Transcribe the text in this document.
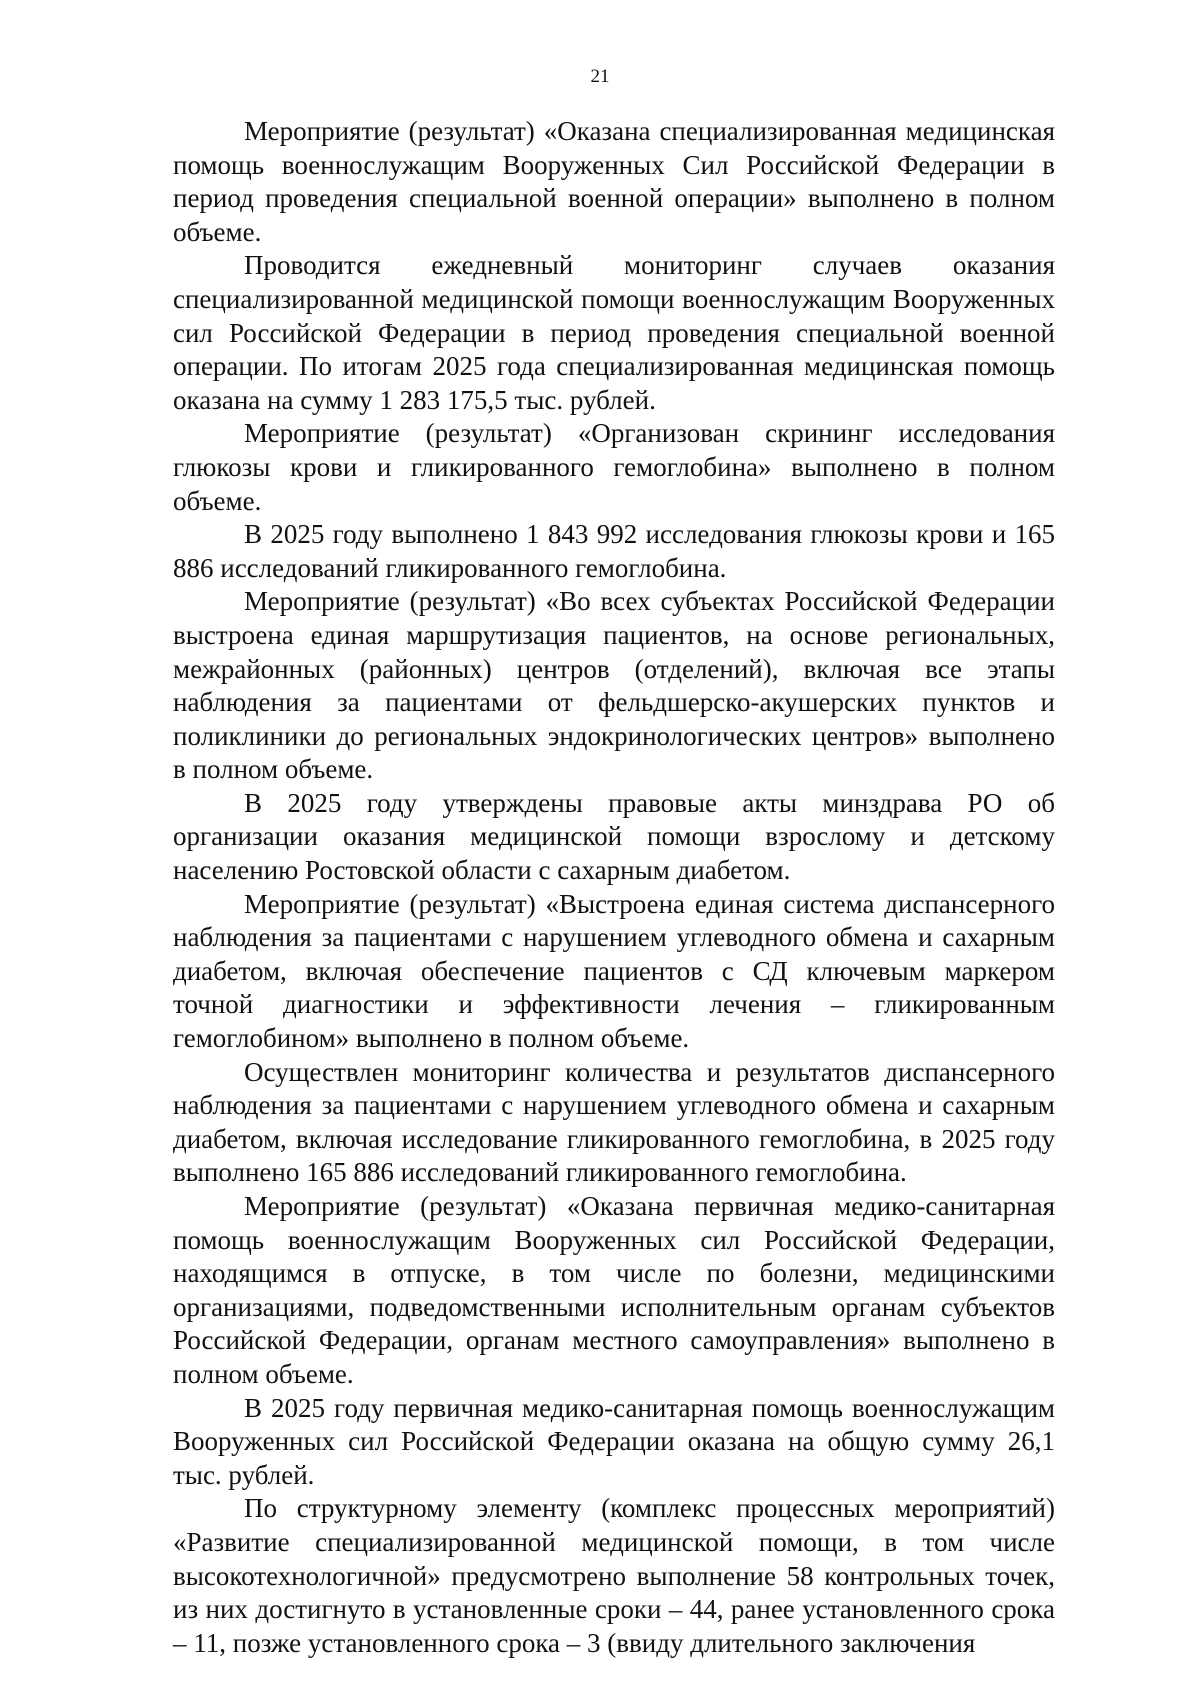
21

Мероприятие (результат) «Оказана специализированная медицинская помощь военнослужащим Вооруженных Сил Российской Федерации в период проведения специальной военной операции» выполнено в полном объеме.

Проводится ежедневный мониторинг случаев оказания специализированной медицинской помощи военнослужащим Вооруженных сил Российской Федерации в период проведения специальной военной операции. По итогам 2025 года специализированная медицинская помощь оказана на сумму 1 283 175,5 тыс. рублей.

Мероприятие (результат) «Организован скрининг исследования глюкозы крови и гликированного гемоглобина» выполнено в полном объеме.

В 2025 году выполнено 1 843 992 исследования глюкозы крови и 165 886 исследований гликированного гемоглобина.

Мероприятие (результат) «Во всех субъектах Российской Федерации выстроена единая маршрутизация пациентов, на основе региональных, межрайонных (районных) центров (отделений), включая все этапы наблюдения за пациентами от фельдшерско-акушерских пунктов и поликлиники до региональных эндокринологических центров» выполнено в полном объеме.

В 2025 году утверждены правовые акты минздрава РО об организации оказания медицинской помощи взрослому и детскому населению Ростовской области с сахарным диабетом.

Мероприятие (результат) «Выстроена единая система диспансерного наблюдения за пациентами с нарушением углеводного обмена и сахарным диабетом, включая обеспечение пациентов с СД ключевым маркером точной диагностики и эффективности лечения – гликированным гемоглобином» выполнено в полном объеме.

Осуществлен мониторинг количества и результатов диспансерного наблюдения за пациентами с нарушением углеводного обмена и сахарным диабетом, включая исследование гликированного гемоглобина, в 2025 году выполнено 165 886 исследований гликированного гемоглобина.

Мероприятие (результат) «Оказана первичная медико-санитарная помощь военнослужащим Вооруженных сил Российской Федерации, находящимся в отпуске, в том числе по болезни, медицинскими организациями, подведомственными исполнительным органам субъектов Российской Федерации, органам местного самоуправления» выполнено в полном объеме.

В 2025 году первичная медико-санитарная помощь военнослужащим Вооруженных сил Российской Федерации оказана на общую сумму 26,1 тыс. рублей.

По структурному элементу (комплекс процессных мероприятий) «Развитие специализированной медицинской помощи, в том числе высокотехнологичной» предусмотрено выполнение 58 контрольных точек, из них достигнуто в установленные сроки – 44, ранее установленного срока – 11, позже установленного срока – 3 (ввиду длительного заключения
